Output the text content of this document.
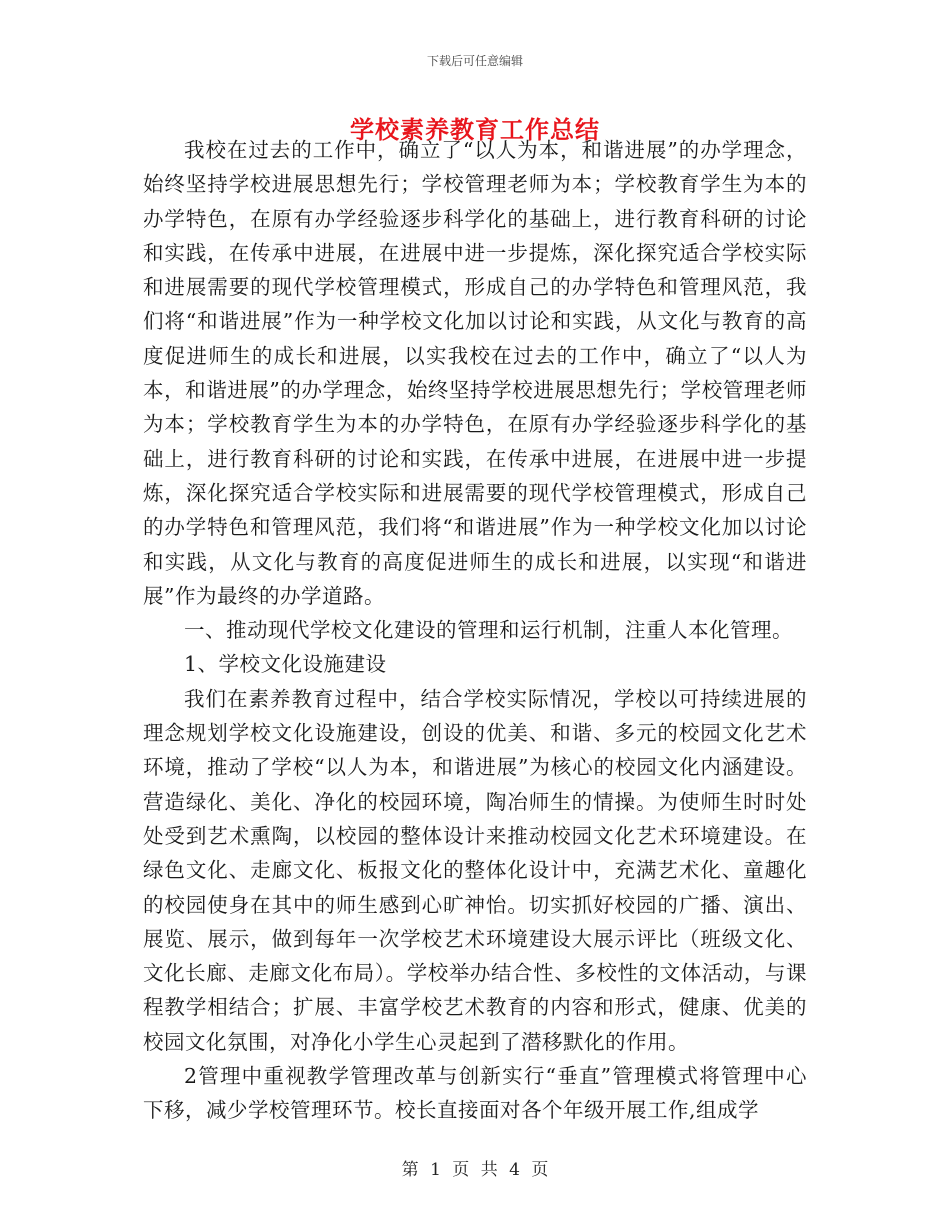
下载后可任意编辑
学校素养教育工作总结

我校在过去的工作中，确立了“以人为本，和谐进展”的办学理念，始终坚持学校进展思想先行；学校管理老师为本；学校教育学生为本的办学特色，在原有办学经验逐步科学化的基础上，进行教育科研的讨论和实践，在传承中进展，在进展中进一步提炼，深化探究适合学校实际和进展需要的现代学校管理模式，形成自己的办学特色和管理风范，我们将“和谐进展”作为一种学校文化加以讨论和实践，从文化与教育的高度促进师生的成长和进展，以实我校在过去的工作中，确立了“以人为本，和谐进展”的办学理念，始终坚持学校进展思想先行；学校管理老师为本；学校教育学生为本的办学特色，在原有办学经验逐步科学化的基础上，进行教育科研的讨论和实践，在传承中进展，在进展中进一步提炼，深化探究适合学校实际和进展需要的现代学校管理模式，形成自己的办学特色和管理风范，我们将“和谐进展”作为一种学校文化加以讨论和实践，从文化与教育的高度促进师生的成长和进展，以实现“和谐进展”作为最终的办学道路。

一、推动现代学校文化建设的管理和运行机制，注重人本化管理。

1、学校文化设施建设

我们在素养教育过程中，结合学校实际情况，学校以可持续进展的理念规划学校文化设施建设，创设的优美、和谐、多元的校园文化艺术环境，推动了学校“以人为本，和谐进展”为核心的校园文化内涵建设。营造绿化、美化、净化的校园环境，陶冶师生的情操。为使师生时时处处受到艺术熏陶，以校园的整体设计来推动校园文化艺术环境建设。在绿色文化、走廊文化、板报文化的整体化设计中，充满艺术化、童趣化的校园使身在其中的师生感到心旷神怡。切实抓好校园的广播、演出、展览、展示，做到每年一次学校艺术环境建设大展示评比（班级文化、文化长廊、走廊文化布局）。学校举办结合性、多校性的文体活动，与课程教学相结合；扩展、丰富学校艺术教育的内容和形式，健康、优美的校园文化氛围，对净化小学生心灵起到了潜移默化的作用。

2管理中重视教学管理改革与创新实行“垂直”管理模式将管理中心下移，减少学校管理环节。校长直接面对各个年级开展工作,组成学

第 1 页 共 4 页
